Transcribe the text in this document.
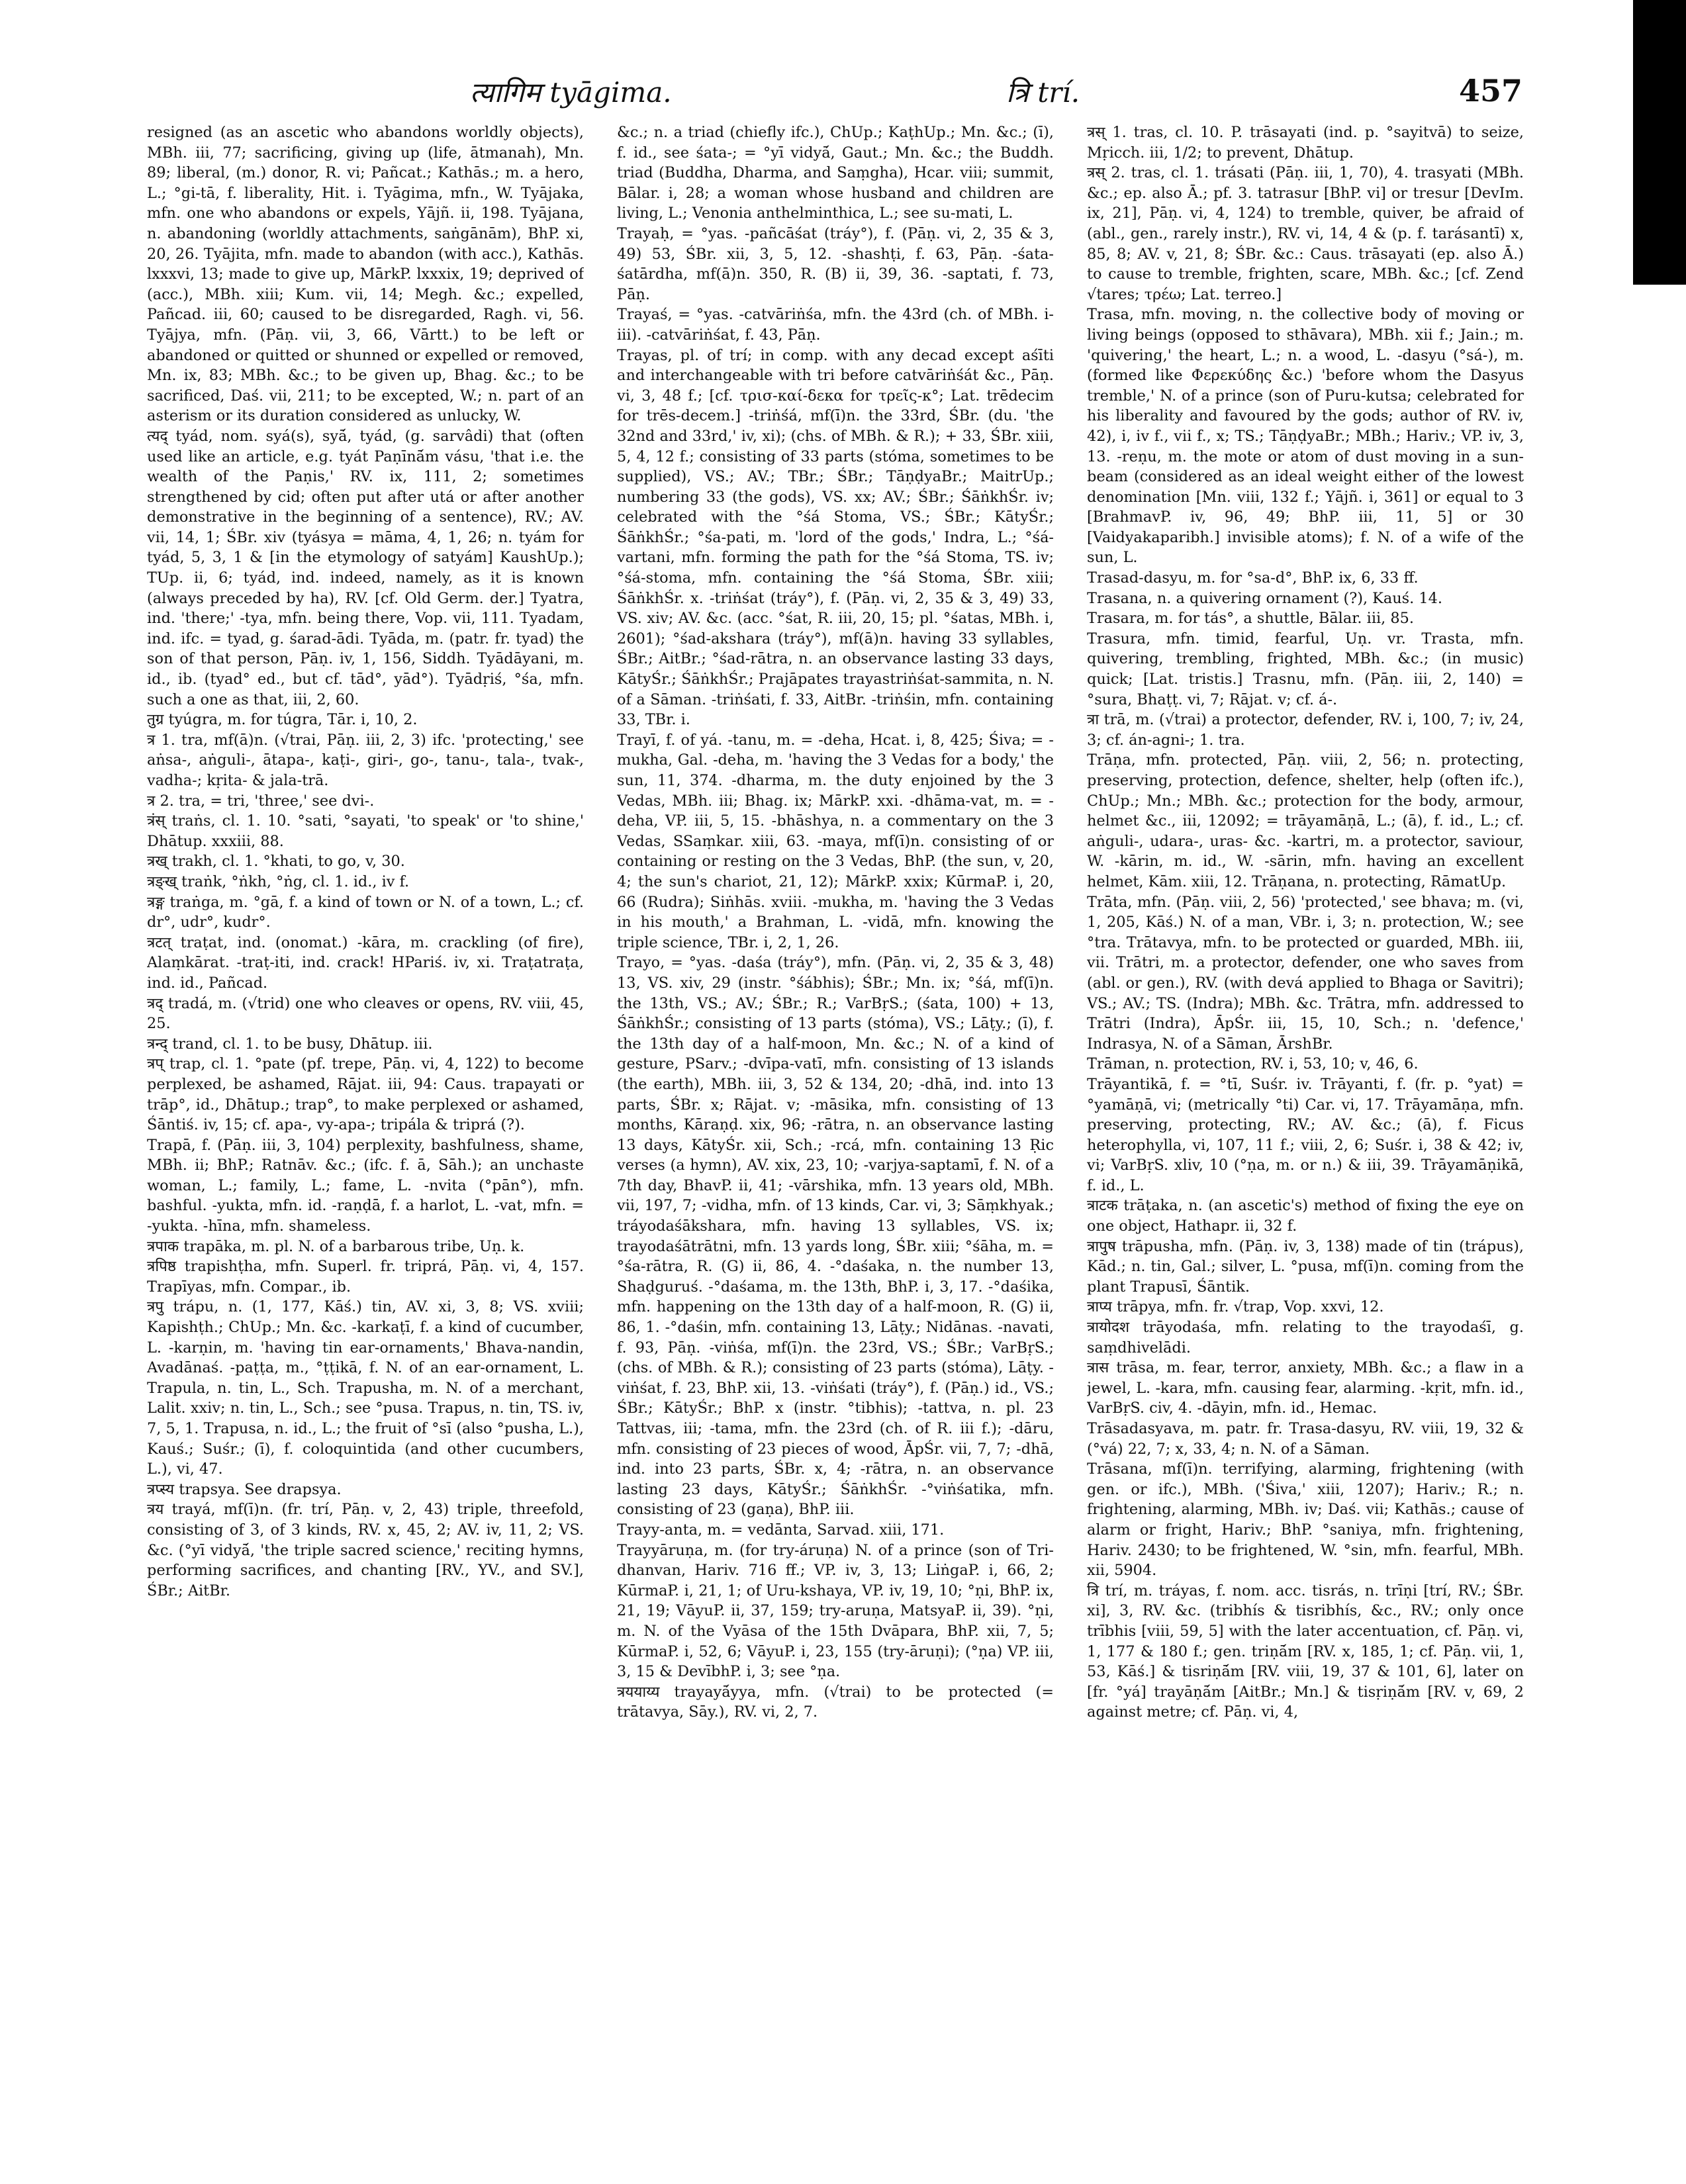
त्यागिम tyāgima.	त्रि trí.	457

resigned (as an ascetic who abandons worldly objects), MBh. iii, 77; sacrificing, giving up (life, ātmanah), Mn. 89; liberal, (m.) donor, R. vi; Pañcat.; Kathās.; m. a hero, L.; °gi-tā, f. liberality, Hit. i. Tyāgima, mfn., W. Tyājaka, mfn. one who abandons or expels, Yājñ. ii, 198. Tyājana, n. abandoning (worldly attachments, saṅgānām), BhP. xi, 20, 26. Tyājita, mfn. made to abandon (with acc.), Kathās. lxxxvi, 13; made to give up, MārkP. lxxxix, 19; deprived of (acc.), MBh. xiii; Kum. vii, 14; Megh. &c.; expelled, Pañcad. iii, 60; caused to be disregarded, Ragh. vi, 56. Tyājya, mfn. (Pāṇ. vii, 3, 66, Vārtt.) to be left or abandoned or quitted or shunned or expelled or removed, Mn. ix, 83; MBh. &c.; to be given up, Bhag. &c.; to be sacrificed, Daś. vii, 211; to be excepted, W.; n. part of an asterism or its duration considered as unlucky, W.

त्यद् tyád, nom. syá(s), syā́, tyád, (g. sarvâdi) that (often used like an article, e.g. tyát Paṇīnā́m vásu, 'that i.e. the wealth of the Paṇis,' RV. ix, 111, 2; sometimes strengthened by cid; often put after utá or after another demonstrative in the beginning of a sentence), RV.; AV. vii, 14, 1; ŚBr. xiv (tyásya = māma, 4, 1, 26; n. tyám for tyád, 5, 3, 1 & [in the etymology of satyám] KaushUp.); TUp. ii, 6; tyád, ind. indeed, namely, as it is known (always preceded by ha), RV. [cf. Old Germ. der.] Tyatra, ind. 'there;' -tya, mfn. being there, Vop. vii, 111. Tyadam, ind. ifc. = tyad, g. śarad-ādi. Tyāda, m. (patr. fr. tyad) the son of that person, Pāṇ. iv, 1, 156, Siddh. Tyādāyani, m. id., ib. (tyad° ed., but cf. tād°, yād°). Tyādṛiś, °śa, mfn. such a one as that, iii, 2, 60.

तुग्र tyúgra, m. for túgra, Tār. i, 10, 2.

त्र 1. tra, mf(ā)n. (√trai, Pāṇ. iii, 2, 3) ifc. 'protecting,' see aṅsa-, aṅguli-, ātapa-, kaṭi-, giri-, go-, tanu-, tala-, tvak-, vadha-; kṛita- & jala-trā.

त्र 2. tra, = tri, 'three,' see dvi-.

त्रंस् traṅs, cl. 1. 10. °sati, °sayati, 'to speak' or 'to shine,' Dhātup. xxxiii, 88.

त्रख् trakh, cl. 1. °khati, to go, v, 30.

त्रङ्ख् traṅk, °ṅkh, °ṅg, cl. 1. id., iv f.

त्रङ्ग traṅga, m. °gā, f. a kind of town or N. of a town, L.; cf. dr°, udr°, kudr°.

त्रटत् traṭat, ind. (onomat.) -kāra, m. crackling (of fire), Alaṃkārat. -traṭ-iti, ind. crack! HPariś. iv, xi. Traṭatraṭa, ind. id., Pañcad.

त्रद् tradá, m. (√trid) one who cleaves or opens, RV. viii, 45, 25.

त्रन्द् trand, cl. 1. to be busy, Dhātup. iii.

त्रप् trap, cl. 1. °pate (pf. trepe, Pāṇ. vi, 4, 122) to become perplexed, be ashamed, Rājat. iii, 94: Caus. trapayati or trāp°, id., Dhātup.; trap°, to make perplexed or ashamed, Śāntiś. iv, 15; cf. apa-, vy-apa-; tripála & triprá (?).

Trapā, f. (Pāṇ. iii, 3, 104) perplexity, bashfulness, shame, MBh. ii; BhP.; Ratnāv. &c.; (ifc. f. ā, Sāh.); an unchaste woman, L.; family, L.; fame, L. -nvita (°pān°), mfn. bashful. -yukta, mfn. id. -raṇḍā, f. a harlot, L. -vat, mfn. = -yukta. -hīna, mfn. shameless.

त्रपाक trapāka, m. pl. N. of a barbarous tribe, Uṇ. k.

त्रपिष्ठ trapishṭha, mfn. Superl. fr. triprá, Pāṇ. vi, 4, 157. Trapīyas, mfn. Compar., ib.

त्रपु trápu, n. (1, 177, Kāś.) tin, AV. xi, 3, 8; VS. xviii; Kapishṭh.; ChUp.; Mn. &c. -karkaṭī, f. a kind of cucumber, L. -karṇin, m. 'having tin ear-ornaments,' Bhava-nandin, Avadānaś. -paṭṭa, m., °ṭṭikā, f. N. of an ear-ornament, L. Trapula, n. tin, L., Sch. Trapusha, m. N. of a merchant, Lalit. xxiv; n. tin, L., Sch.; see °pusa. Trapus, n. tin, TS. iv, 7, 5, 1. Trapusa, n. id., L.; the fruit of °sī (also °pusha, L.), Kauś.; Suśr.; (ī), f. coloquintida (and other cucumbers, L.), vi, 47.

त्रप्स्य trapsya. See drapsya.

त्रय trayá, mf(ī)n. (fr. trí, Pāṇ. v, 2, 43) triple, threefold, consisting of 3, of 3 kinds, RV. x, 45, 2; AV. iv, 11, 2; VS. &c. (°yī vidyā́, 'the triple sacred science,' reciting hymns, performing sacrifices, and chanting [RV., YV., and SV.], ŚBr.; AitBr.

&c.; n. a triad (chiefly ifc.), ChUp.; KaṭhUp.; Mn. &c.; (ī), f. id., see śata-; = °yī vidyā́, Gaut.; Mn. &c.; the Buddh. triad (Buddha, Dharma, and Saṃgha), Hcar. viii; summit, Bālar. i, 28; a woman whose husband and children are living, L.; Venonia anthelminthica, L.; see su-mati, L.

Trayaḥ, = °yas. -pañcāśat (tráy°), f. (Pāṇ. vi, 2, 35 & 3, 49) 53, ŚBr. xii, 3, 5, 12. -shashṭi, f. 63, Pāṇ. -śata-śatārdha, mf(ā)n. 350, R. (B) ii, 39, 36. -saptati, f. 73, Pāṇ.

Trayaś, = °yas. -catvāriṅśa, mfn. the 43rd (ch. of MBh. i-iii). -catvāriṅśat, f. 43, Pāṇ.

Trayas, pl. of trí; in comp. with any decad except aśīti and interchangeable with tri before catvāriṅśát &c., Pāṇ. vi, 3, 48 f.; [cf. τρισ-καί-δεκα for τρεῖς-κ°; Lat. trēdecim for trēs-decem.] -triṅśá, mf(ī)n. the 33rd, ŚBr. (du. 'the 32nd and 33rd,' iv, xi); (chs. of MBh. & R.); + 33, ŚBr. xiii, 5, 4, 12 f.; consisting of 33 parts (stóma, sometimes to be supplied), VS.; AV.; TBr.; ŚBr.; TāṇḍyaBr.; MaitrUp.; numbering 33 (the gods), VS. xx; AV.; ŚBr.; ŚāṅkhŚr. iv; celebrated with the °śá Stoma, VS.; ŚBr.; KātyŚr.; ŚāṅkhŚr.; °śa-pati, m. 'lord of the gods,' Indra, L.; °śá-vartani, mfn. forming the path for the °śá Stoma, TS. iv; °śá-stoma, mfn. containing the °śá Stoma, ŚBr. xiii; ŚāṅkhŚr. x. -triṅśat (tráy°), f. (Pāṇ. vi, 2, 35 & 3, 49) 33, VS. xiv; AV. &c. (acc. °śat, R. iii, 20, 15; pl. °śatas, MBh. i, 2601); °śad-akshara (tráy°), mf(ā)n. having 33 syllables, ŚBr.; AitBr.; °śad-rātra, n. an observance lasting 33 days, KātyŚr.; ŚāṅkhŚr.; Prajāpates trayastriṅśat-sammita, n. N. of a Sāman. -triṅśati, f. 33, AitBr. -triṅśin, mfn. containing 33, TBr. i.

Trayī, f. of yá. -tanu, m. = -deha, Hcat. i, 8, 425; Śiva; = -mukha, Gal. -deha, m. 'having the 3 Vedas for a body,' the sun, 11, 374. -dharma, m. the duty enjoined by the 3 Vedas, MBh. iii; Bhag. ix; MārkP. xxi. -dhāma-vat, m. = -deha, VP. iii, 5, 15. -bhāshya, n. a commentary on the 3 Vedas, SSaṃkar. xiii, 63. -maya, mf(ī)n. consisting of or containing or resting on the 3 Vedas, BhP. (the sun, v, 20, 4; the sun's chariot, 21, 12); MārkP. xxix; KūrmaP. i, 20, 66 (Rudra); Siṅhās. xviii. -mukha, m. 'having the 3 Vedas in his mouth,' a Brahman, L. -vidā, mfn. knowing the triple science, TBr. i, 2, 1, 26.

Trayo, = °yas. -daśa (tráy°), mfn. (Pāṇ. vi, 2, 35 & 3, 48) 13, VS. xiv, 29 (instr. °śábhis); ŚBr.; Mn. ix; °śá, mf(ī)n. the 13th, VS.; AV.; ŚBr.; R.; VarBṛS.; (śata, 100) + 13, ŚāṅkhŚr.; consisting of 13 parts (stóma), VS.; Lāṭy.; (ī), f. the 13th day of a half-moon, Mn. &c.; N. of a kind of gesture, PSarv.; -dvīpa-vatī, mfn. consisting of 13 islands (the earth), MBh. iii, 3, 52 & 134, 20; -dhā, ind. into 13 parts, ŚBr. x; Rājat. v; -māsika, mfn. consisting of 13 months, Kāraṇḍ. xix, 96; -rātra, n. an observance lasting 13 days, KātyŚr. xii, Sch.; -rcá, mfn. containing 13 Ṛic verses (a hymn), AV. xix, 23, 10; -varjya-saptamī, f. N. of a 7th day, BhavP. ii, 41; -vārshika, mfn. 13 years old, MBh. vii, 197, 7; -vidha, mfn. of 13 kinds, Car. vi, 3; Sāṃkhyak.; tráyodaśākshara, mfn. having 13 syllables, VS. ix; trayodaśātrātni, mfn. 13 yards long, ŚBr. xiii; °śāha, m. = °śa-rātra, R. (G) ii, 86, 4. -°daśaka, n. the number 13, Shaḍguruś. -°daśama, m. the 13th, BhP. i, 3, 17. -°daśika, mfn. happening on the 13th day of a half-moon, R. (G) ii, 86, 1. -°daśin, mfn. containing 13, Lāṭy.; Nidānas. -navati, f. 93, Pāṇ. -viṅśa, mf(ī)n. the 23rd, VS.; ŚBr.; VarBṛS.; (chs. of MBh. & R.); consisting of 23 parts (stóma), Lāṭy. -viṅśat, f. 23, BhP. xii, 13. -viṅśati (tráy°), f. (Pāṇ.) id., VS.; ŚBr.; KātyŚr.; BhP. x (instr. °tibhis); -tattva, n. pl. 23 Tattvas, iii; -tama, mfn. the 23rd (ch. of R. iii f.); -dāru, mfn. consisting of 23 pieces of wood, ĀpŚr. vii, 7, 7; -dhā, ind. into 23 parts, ŚBr. x, 4; -rātra, n. an observance lasting 23 days, KātyŚr.; ŚāṅkhŚr. -°viṅśatika, mfn. consisting of 23 (gaṇa), BhP. iii.

Trayy-anta, m. = vedānta, Sarvad. xiii, 171.

Trayyāruṇa, m. (for try-áruṇa) N. of a prince (son of Tri-dhanvan, Hariv. 716 ff.; VP. iv, 3, 13; LiṅgaP. i, 66, 2; KūrmaP. i, 21, 1; of Uru-kshaya, VP. iv, 19, 10; °ṇi, BhP. ix, 21, 19; VāyuP. ii, 37, 159; try-aruṇa, MatsyaP. ii, 39). °ṇi, m. N. of the Vyāsa of the 15th Dvāpara, BhP. xii, 7, 5; KūrmaP. i, 52, 6; VāyuP. i, 23, 155 (try-āruṇi); (°ṇa) VP. iii, 3, 15 & DevībhP. i, 3; see °ṇa.

त्रययाय्य trayayā́yya, mfn. (√trai) to be protected (= trātavya, Sāy.), RV. vi, 2, 7.

त्रस् 1. tras, cl. 10. P. trāsayati (ind. p. °sayitvā) to seize, Mṛicch. iii, 1/2; to prevent, Dhātup.

त्रस् 2. tras, cl. 1. trásati (Pāṇ. iii, 1, 70), 4. trasyati (MBh. &c.; ep. also Ā.; pf. 3. tatrasur [BhP. vi] or tresur [DevIm. ix, 21], Pāṇ. vi, 4, 124) to tremble, quiver, be afraid of (abl., gen., rarely instr.), RV. vi, 14, 4 & (p. f. tarásantī) x, 85, 8; AV. v, 21, 8; ŚBr. &c.: Caus. trāsayati (ep. also Ā.) to cause to tremble, frighten, scare, MBh. &c.; [cf. Zend √tares; τρέω; Lat. terreo.]

Trasa, mfn. moving, n. the collective body of moving or living beings (opposed to sthāvara), MBh. xii f.; Jain.; m. 'quivering,' the heart, L.; n. a wood, L. -dasyu (°sá-), m. (formed like Φερεκύδης &c.) 'before whom the Dasyus tremble,' N. of a prince (son of Puru-kutsa; celebrated for his liberality and favoured by the gods; author of RV. iv, 42), i, iv f., vii f., x; TS.; TāṇḍyaBr.; MBh.; Hariv.; VP. iv, 3, 13. -reṇu, m. the mote or atom of dust moving in a sun-beam (considered as an ideal weight either of the lowest denomination [Mn. viii, 132 f.; Yājñ. i, 361] or equal to 3 [BrahmavP. iv, 96, 49; BhP. iii, 11, 5] or 30 [Vaidyakaparibh.] invisible atoms); f. N. of a wife of the sun, L.

Trasad-dasyu, m. for °sa-d°, BhP. ix, 6, 33 ff.

Trasana, n. a quivering ornament (?), Kauś. 14.

Trasara, m. for tás°, a shuttle, Bālar. iii, 85.

Trasura, mfn. timid, fearful, Uṇ. vr. Trasta, mfn. quivering, trembling, frighted, MBh. &c.; (in music) quick; [Lat. tristis.] Trasnu, mfn. (Pāṇ. iii, 2, 140) = °sura, Bhaṭṭ. vi, 7; Rājat. v; cf. á-.

त्रा trā, m. (√trai) a protector, defender, RV. i, 100, 7; iv, 24, 3; cf. án-agni-; 1. tra.

Trāṇa, mfn. protected, Pāṇ. viii, 2, 56; n. protecting, preserving, protection, defence, shelter, help (often ifc.), ChUp.; Mn.; MBh. &c.; protection for the body, armour, helmet &c., iii, 12092; = trāyamāṇā, L.; (ā), f. id., L.; cf. aṅguli-, udara-, uras- &c. -kartri, m. a protector, saviour, W. -kārin, m. id., W. -sārin, mfn. having an excellent helmet, Kām. xiii, 12. Trāṇana, n. protecting, RāmatUp.

Trāta, mfn. (Pāṇ. viii, 2, 56) 'protected,' see bhava; m. (vi, 1, 205, Kāś.) N. of a man, VBr. i, 3; n. protection, W.; see °tra. Trātavya, mfn. to be protected or guarded, MBh. iii, vii. Trātri, m. a protector, defender, one who saves from (abl. or gen.), RV. (with devá applied to Bhaga or Savitri); VS.; AV.; TS. (Indra); MBh. &c. Trātra, mfn. addressed to Trātri (Indra), ĀpŚr. iii, 15, 10, Sch.; n. 'defence,' Indrasya, N. of a Sāman, ĀrshBr.

Trāman, n. protection, RV. i, 53, 10; v, 46, 6.

Trāyantikā, f. = °tī, Suśr. iv. Trāyanti, f. (fr. p. °yat) = °yamāṇā, vi; (metrically °ti) Car. vi, 17. Trāyamāṇa, mfn. preserving, protecting, RV.; AV. &c.; (ā), f. Ficus heterophylla, vi, 107, 11 f.; viii, 2, 6; Suśr. i, 38 & 42; iv, vi; VarBṛS. xliv, 10 (°ṇa, m. or n.) & iii, 39. Trāyamāṇikā, f. id., L.

त्राटक trāṭaka, n. (an ascetic's) method of fixing the eye on one object, Hathapr. ii, 32 f.

त्रापुष trāpusha, mfn. (Pāṇ. iv, 3, 138) made of tin (trápus), Kād.; n. tin, Gal.; silver, L. °pusa, mf(ī)n. coming from the plant Trapusī, Śāntik.

त्राप्य trāpya, mfn. fr. √trap, Vop. xxvi, 12.

त्रायोदश trāyodaśa, mfn. relating to the trayodaśī, g. saṃdhivelādi.

त्रास trāsa, m. fear, terror, anxiety, MBh. &c.; a flaw in a jewel, L. -kara, mfn. causing fear, alarming. -kṛit, mfn. id., VarBṛS. civ, 4. -dāyin, mfn. id., Hemac.

Trāsadasyava, m. patr. fr. Trasa-dasyu, RV. viii, 19, 32 & (°vá) 22, 7; x, 33, 4; n. N. of a Sāman.

Trāsana, mf(ī)n. terrifying, alarming, frightening (with gen. or ifc.), MBh. ('Śiva,' xiii, 1207); Hariv.; R.; n. frightening, alarming, MBh. iv; Daś. vii; Kathās.; cause of alarm or fright, Hariv.; BhP. °saniya, mfn. frightening, Hariv. 2430; to be frightened, W. °sin, mfn. fearful, MBh. xii, 5904.

त्रि trí, m. tráyas, f. nom. acc. tisrás, n. trīṇi [trí, RV.; ŚBr. xi], 3, RV. &c. (tribhís & tisribhís, &c., RV.; only once trībhis [viii, 59, 5] with the later accentuation, cf. Pāṇ. vi, 1, 177 & 180 f.; gen. triṇā́m [RV. x, 185, 1; cf. Pāṇ. vii, 1, 53, Kāś.] & tisriṇā́m [RV. viii, 19, 37 & 101, 6], later on [fr. °yá] trayāṇā́m [AitBr.; Mn.] & tisṛiṇā́m [RV. v, 69, 2 against metre; cf. Pāṇ. vi, 4,
